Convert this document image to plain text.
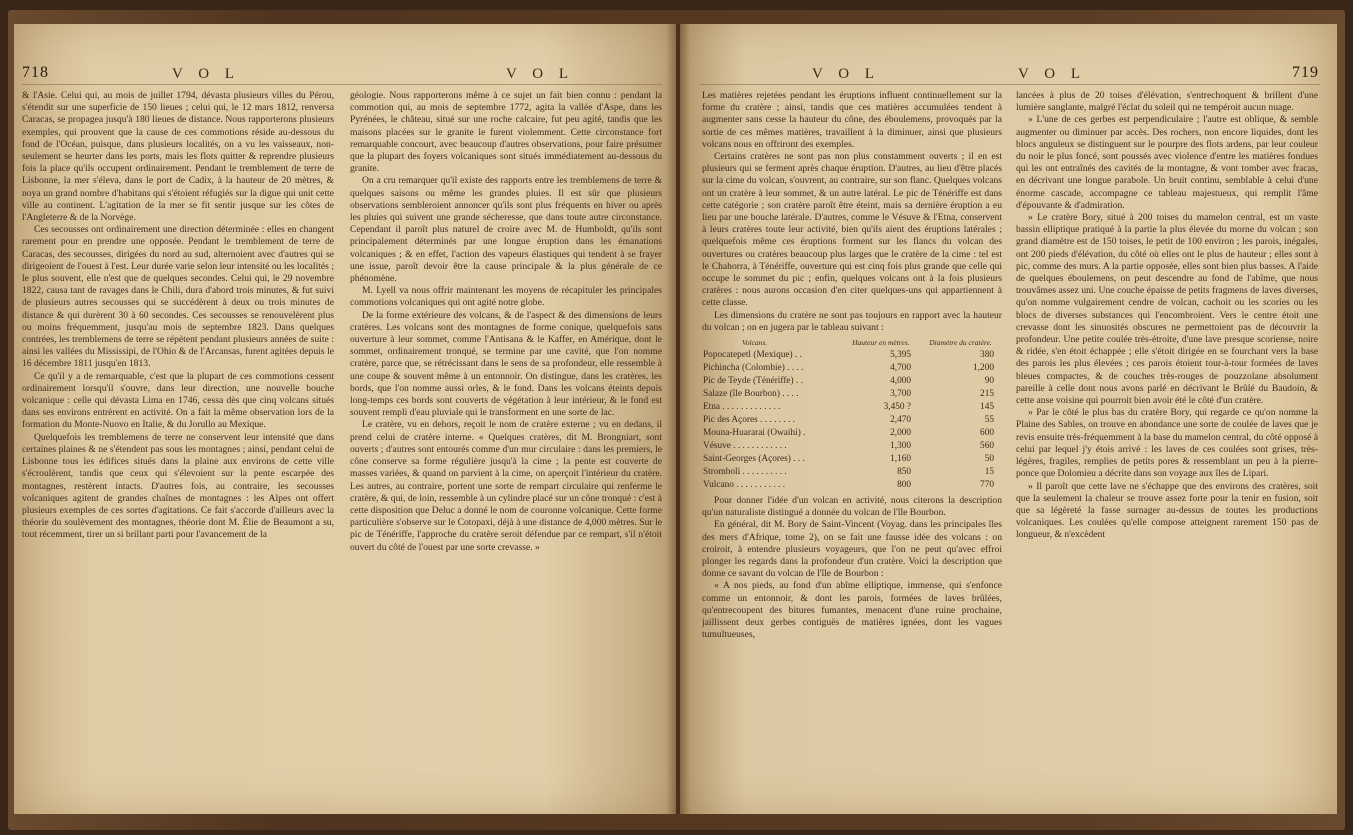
718	V O L	V O L

& l'Asie. Celui qui, au mois de juillet 1794, dévasta plusieurs villes du Pérou, s'étendit sur une superficie de 150 lieues ; celui qui, le 12 mars 1812, renversa Caracas, se propagea jusqu'à 180 lieues de distance. Nous rapporterons plusieurs exemples, qui prouvent que la cause de ces commotions réside au-dessous du fond de l'Océan, puisque, dans plusieurs localités, on a vu les vaisseaux, non-seulement se heurter dans les ports, mais les flots quitter & reprendre plusieurs fois la place qu'ils occupent ordinairement. Pendant le tremblement de terre de Lisbonne, la mer s'éleva, dans le port de Cadix, à la hauteur de 20 mètres, & noya un grand nombre d'habitans qui s'étoient réfugiés sur la digue qui unit cette ville au continent. L'agitation de la mer se fit sentir jusque sur les côtes de l'Angleterre & de la Norvège.

Ces secousses ont ordinairement une direction déterminée : elles en changent rarement pour en prendre une opposée. Pendant le tremblement de terre de Caracas, des secousses, dirigées du nord au sud, alternoient avec d'autres qui se dirigeoient de l'ouest à l'est. Leur durée varie selon leur intensité ou les localités ; le plus souvent, elle n'est que de quelques secondes. Celui qui, le 29 novembre 1822, causa tant de ravages dans le Chili, dura d'abord trois minutes, & fut suivi de plusieurs autres secousses qui se succédèrent à deux ou trois minutes de distance & qui durèrent 30 à 60 secondes. Ces secousses se renouvelèrent plus ou moins fréquemment, jusqu'au mois de septembre 1823. Dans quelques contrées, les tremblemens de terre se répètent pendant plusieurs années de suite : ainsi les vallées du Mississipi, de l'Ohio & de l'Arcansas, furent agitées depuis le 16 décembre 1811 jusqu'en 1813.

Ce qu'il y a de remarquable, c'est que la plupart de ces commotions cessent ordinairement lorsqu'il s'ouvre, dans leur direction, une nouvelle bouche volcanique : celle qui dévasta Lima en 1746, cessa dès que cinq volcans situés dans ses environs entrèrent en activité. On a fait la même observation lors de la formation du Monte-Nuovo en Italie, & du Jorullo au Mexique.

Quelquefois les tremblemens de terre ne conservent leur intensité que dans certaines plaines & ne s'étendent pas sous les montagnes ; ainsi, pendant celui de Lisbonne tous les édifices situés dans la plaine aux environs de cette ville s'écroulèrent, tandis que ceux qui s'élevoient sur la pente escarpée des montagnes, restèrent intacts. D'autres fois, au contraire, les secousses volcaniques agitent de grandes chaînes de montagnes : les Alpes ont offert plusieurs exemples de ces sortes d'agitations. Ce fait s'accorde d'ailleurs avec la théorie du soulèvement des montagnes, théorie dont M. Élie de Beaumont a su, tout récemment, tirer un si brillant parti pour l'avancement de la

géologie. Nous rapporterons même à ce sujet un fait bien connu : pendant la commotion qui, au mois de septembre 1772, agita la vallée d'Aspe, dans les Pyrénées, le château, situé sur une roche calcaire, fut peu agité, tandis que les maisons placées sur le granite le furent violemment. Cette circonstance fort remarquable concourt, avec beaucoup d'autres observations, pour faire présumer que la plupart des foyers volcaniques sont situés immédiatement au-dessous du granite.

On a cru remarquer qu'il existe des rapports entre les tremblemens de terre & quelques saisons ou même les grandes pluies. Il est sûr que plusieurs observations sembleroient annoncer qu'ils sont plus fréquents en hiver ou après les pluies qui suivent une grande sécheresse, que dans toute autre circonstance. Cependant il paroît plus naturel de croire avec M. de Humboldt, qu'ils sont principalement déterminés par une longue éruption dans les émanations volcaniques ; & en effet, l'action des vapeurs élastiques qui tendent à se frayer une issue, paroît devoir être la cause principale & la plus générale de ce phénomène.

M. Lyell va nous offrir maintenant les moyens de récapituler les principales commotions volcaniques qui ont agité notre globe.

De la forme extérieure des volcans, & de l'aspect & des dimensions de leurs cratères. Les volcans sont des montagnes de forme conique, quelquefois sans ouverture à leur sommet, comme l'Antisana & le Kaffer, en Amérique, dont le sommet, ordinairement tronqué, se termine par une cavité, que l'on nomme cratère, parce que, se rétrécissant dans le sens de sa profondeur, elle ressemble à une coupe & souvent même à un entonnoir. On distingue, dans les cratères, les bords, que l'on nomme aussi orles, & le fond. Dans les volcans éteints depuis long-temps ces bords sont couverts de végétation à leur intérieur, & le fond est souvent rempli d'eau pluviale qui le transforment en une sorte de lac.

Le cratère, vu en dehors, reçoit le nom de cratère externe ; vu en dedans, il prend celui de cratère interne. « Quelques cratères, dit M. Brongniart, sont ouverts ; d'autres sont entourés comme d'un mur circulaire : dans les premiers, le cône conserve sa forme régulière jusqu'à la cime ; la pente est couverte de masses variées, & quand on parvient à la cime, on aperçoit l'intérieur du cratère. Les autres, au contraire, portent une sorte de rempart circulaire qui renferme le cratère, & qui, de loin, ressemble à un cylindre placé sur un cône tronqué : c'est à cette disposition que Deluc a donné le nom de couronne volcanique. Cette forme particulière s'observe sur le Cotopaxi, déjà à une distance de 4,000 mètres. Sur le pic de Ténériffe, l'approche du cratère seroit défendue par ce rempart, s'il n'étoit ouvert du côté de l'ouest par une sorte crevasse. »

V O L	V O L	719

Les matières rejetées pendant les éruptions influent continuellement sur la forme du cratère ; ainsi, tandis que ces matières accumulées tendent à augmenter sans cesse la hauteur du cône, des éboulemens, provoqués par la sortie de ces mêmes matières, travaillent à la diminuer, ainsi que plusieurs volcans nous en offriront des exemples.

Certains cratères ne sont pas non plus constamment ouverts ; il en est plusieurs qui se ferment après chaque éruption. D'autres, au lieu d'être placés sur la cime du volcan, s'ouvrent, au contraire, sur son flanc. Quelques volcans ont un cratère à leur sommet, & un autre latéral. Le pic de Ténériffe est dans cette catégorie ; son cratère paroît être éteint, mais sa dernière éruption a eu lieu par une bouche latérale. D'autres, comme le Vésuve & l'Etna, conservent à leurs cratères toute leur activité, bien qu'ils aient des éruptions latérales ; quelquefois même ces éruptions forment sur les flancs du volcan des ouvertures ou cratères beaucoup plus larges que le cratère de la cime : tel est le Chahorra, à Ténériffe, ouverture qui est cinq fois plus grande que celle qui occupe le sommet du pic ; enfin, quelques volcans ont à la fois plusieurs cratères : nous aurons occasion d'en citer quelques-uns qui appartiennent à cette classe.

Les dimensions du cratère ne sont pas toujours en rapport avec la hauteur du volcan ; on en jugera par le tableau suivant :

Volcans.	Hauteur en mètres.	Diamètre du cratère.
Popocatepetl (Mexique) . .	5,395	380
Pichincha (Colombie) . . . .	4,700	1,200
Pic de Teyde (Ténériffe) . .	4,000	90
Salaze (île Bourbon) . . . .	3,700	215
Etna . . . . . . . . . . . . .	3,450 ?	145
Pic des Açores . . . . . . . .	2,470	55
Mouna-Huararai (Owaihi) .	2,000	600
Vésuve . . . . . . . . . . . .	1,300	560
Saint-Georges (Açores) . . .	1,160	50
Stromboli . . . . . . . . . .	850	15
Vulcano . . . . . . . . . . .	800	770

Pour donner l'idée d'un volcan en activité, nous citerons la description qu'un naturaliste distingué a donnée du volcan de l'île Bourbon.

En général, dit M. Bory de Saint-Vincent (Voyag. dans les principales îles des mers d'Afrique, tome 2), on se fait une fausse idée des volcans : on croiroit, à entendre plusieurs voyageurs, que l'on ne peut qu'avec effroi plonger les regards dans la profondeur d'un cratère. Voici la description que donne ce savant du volcan de l'île de Bourbon :

« A nos pieds, au fond d'un abîme elliptique, immense, qui s'enfonce comme un entonnoir, & dont les parois, formées de laves brûlées, qu'entrecoupent des bitures fumantes, menacent d'une ruine prochaine, jaillissent deux gerbes contiguës de matières ignées, dont les vagues tumultueuses,

lancées à plus de 20 toises d'élévation, s'entrechoquent & brillent d'une lumière sanglante, malgré l'éclat du soleil qui ne tempéroit aucun nuage.

» L'une de ces gerbes est perpendiculaire ; l'autre est oblique, & semble augmenter ou diminuer par accès. Des rochers, non encore liquides, dont les blocs anguleux se distinguent sur le pourpre des flots ardens, par leur couleur du noir le plus foncé, sont poussés avec violence d'entre les matières fondues qui les ont entraînés des cavités de la montagne, & vont tomber avec fracas, en décrivant une longue parabole. Un bruit continu, semblable à celui d'une énorme cascade, accompagne ce tableau majestueux, qui remplit l'âme d'épouvante & d'admiration.

» Le cratère Bory, situé à 200 toises du mamelon central, est un vaste bassin elliptique pratiqué à la partie la plus élevée du morne du volcan ; son grand diamètre est de 150 toises, le petit de 100 environ ; les parois, inégales, ont 200 pieds d'élévation, du côté où elles ont le plus de hauteur ; elles sont à pic, comme des murs. A la partie opposée, elles sont bien plus basses. A l'aide de quelques éboulemens, on peut descendre au fond de l'abîme, que nous trouvâmes assez uni. Une couche épaisse de petits fragmens de laves diverses, qu'on nomme vulgairement cendre de volcan, cachoit ou les scories ou les blocs de diverses substances qui l'encombroient. Vers le centre étoit une crevasse dont les sinuosités obscures ne permettoient pas de découvrir la profondeur. Une petite coulée très-étroite, d'une lave presque scoriense, noire & ridée, s'en étoit échappée ; elle s'étoit dirigée en se fourchant vers la base des parois les plus élevées ; ces parois étoient tour-à-tour formées de laves bleues compactes, & de couches très-rouges de pouzzolane absolument pareille à celle dont nous avons parlé en décrivant le Brûlé du Baudoin, & cette anse voisine qui pourroit bien avoir été le côté d'un cratère.

» Par le côté le plus bas du cratère Bory, qui regarde ce qu'on nomme la Plaine des Sables, on trouve en abondance une sorte de coulée de laves que je revis ensuite très-fréquemment à la base du mamelon central, du côté opposé à celui par lequel j'y étois arrivé : les laves de ces coulées sont grises, très-légères, fragiles, remplies de petits pores & ressemblant un peu à la pierre-ponce que Dolomieu a décrite dans son voyage aux îles de Lipari.

» Il paroît que cette lave ne s'échappe que des environs des cratères, soit que la seulement la chaleur se trouve assez forte pour la tenir en fusion, soit que sa légèreté la fasse surnager au-dessus de toutes les productions volcaniques. Les coulées qu'elle compose atteignent rarement 150 pas de longueur, & n'excèdent
